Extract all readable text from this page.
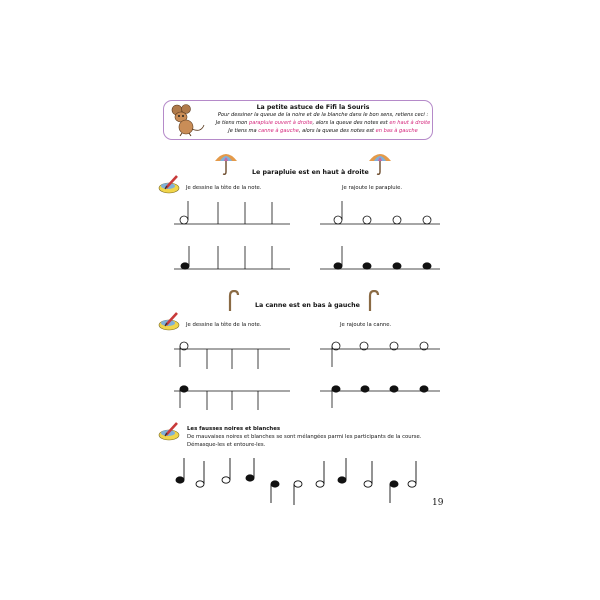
La petite astuce de Fifi la Souris
Pour dessiner la queue de la noire et de la blanche dans le bon sens, retiens ceci :
Je tiens mon parapluie ouvert à droite, alors la queue des notes est en haut à droite
Je tiens ma canne à gauche, alors la queue des notes est en bas à gauche
Le parapluie est en haut à droite
Je dessine la tête de la note.	Je rajoute le parapluie.
La canne est en bas à gauche
Je dessine la tête de la note.	Je rajoute la canne.
Les fausses noires et blanches
De mauvaises noires et blanches se sont mélangées parmi les participants de la course.
Démasque-les et entoure-les.
19
